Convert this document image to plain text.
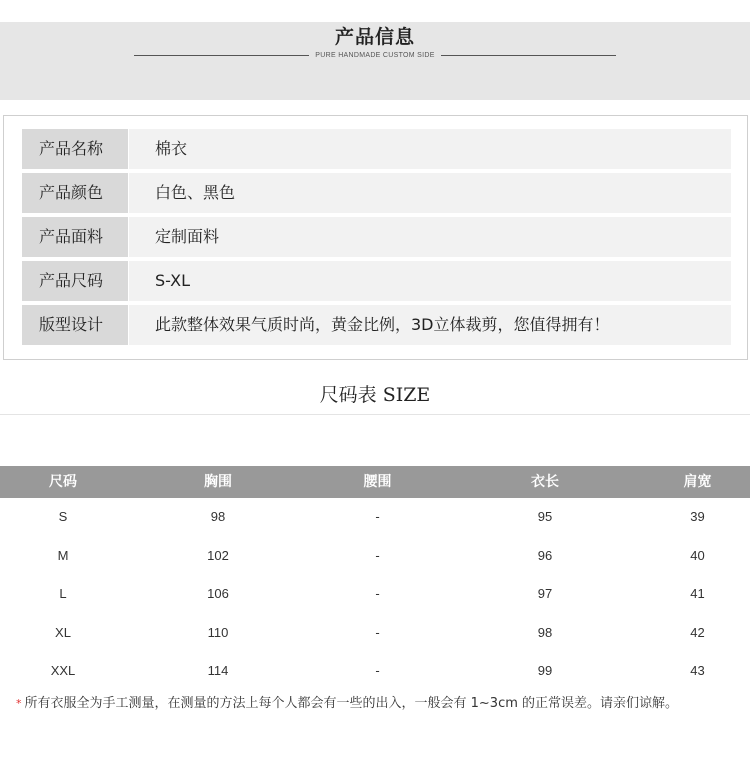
产品信息
PURE HANDMADE CUSTOM SIDE
产品名称	棉衣
产品颜色	白色、黑色
产品面料	定制面料
产品尺码	S-XL
版型设计	此款整体效果气质时尚，黄金比例，3D立体裁剪，您值得拥有！
尺码表 SIZE
尺码	胸围	腰围	衣长	肩宽
S	98	-	95	39
M	102	-	96	40
L	106	-	97	41
XL	110	-	98	42
XXL	114	-	99	43
* 所有衣服全为手工测量，在测量的方法上每个人都会有一些的出入，一般会有 1~3cm 的正常误差。请亲们谅解。
